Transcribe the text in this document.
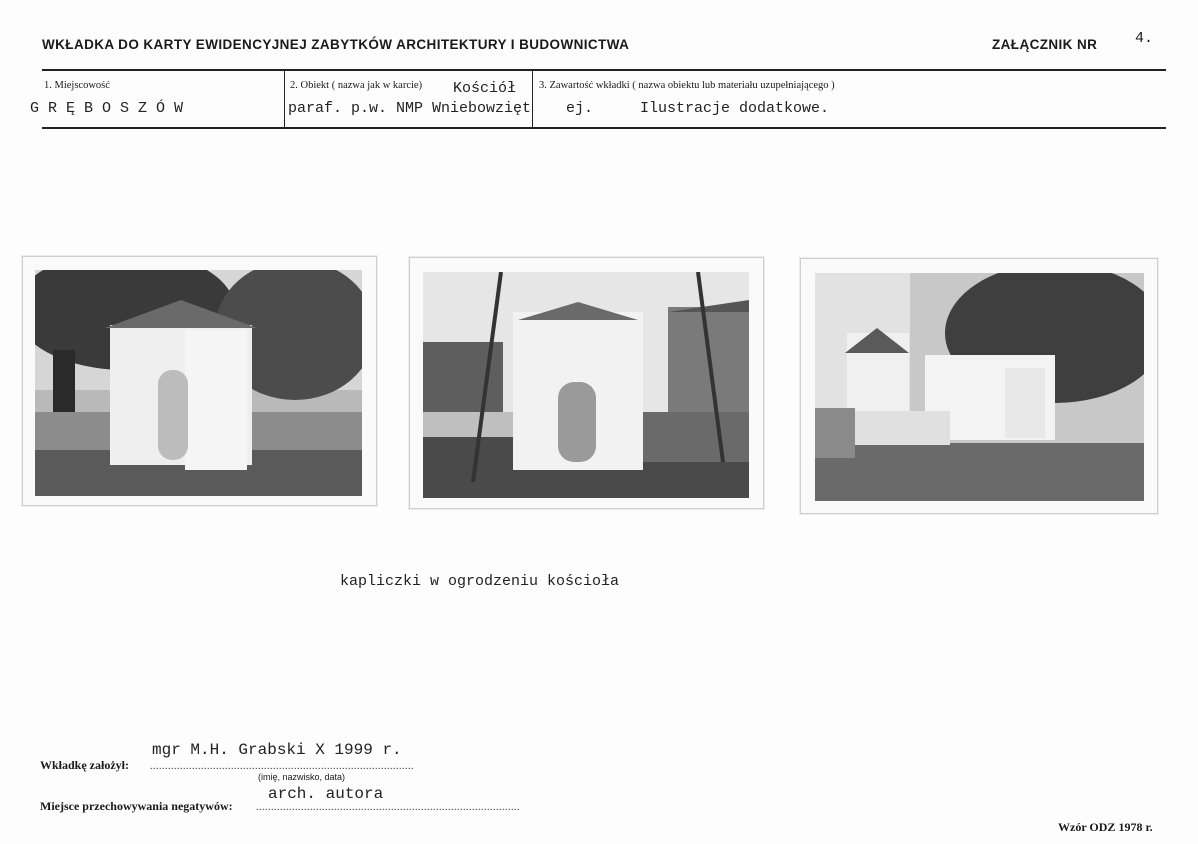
WKŁADKA DO KARTY EWIDENCYJNEJ ZABYTKÓW ARCHITEKTURY I BUDOWNICTWA	ZAŁĄCZNIK NR	4.
1. Miejscowość
GRĘBOSZÓW
2. Obiekt ( nazwa jak w karcie) Kościół
paraf. p.w. NMP Wniebowzięt
3. Zawartość wkładki ( nazwa obiektu lub materiału uzupełniającego )
ej.	Ilustracje dodatkowe.
kapliczki w ogrodzeniu kościoła
mgr M.H. Grabski X 1999 r.
Wkładkę założył: ........................................................................................
(imię, nazwisko, data)
arch. autora
Miejsce przechowywania negatywów: ........................................................................................
Wzór ODZ 1978 r.
